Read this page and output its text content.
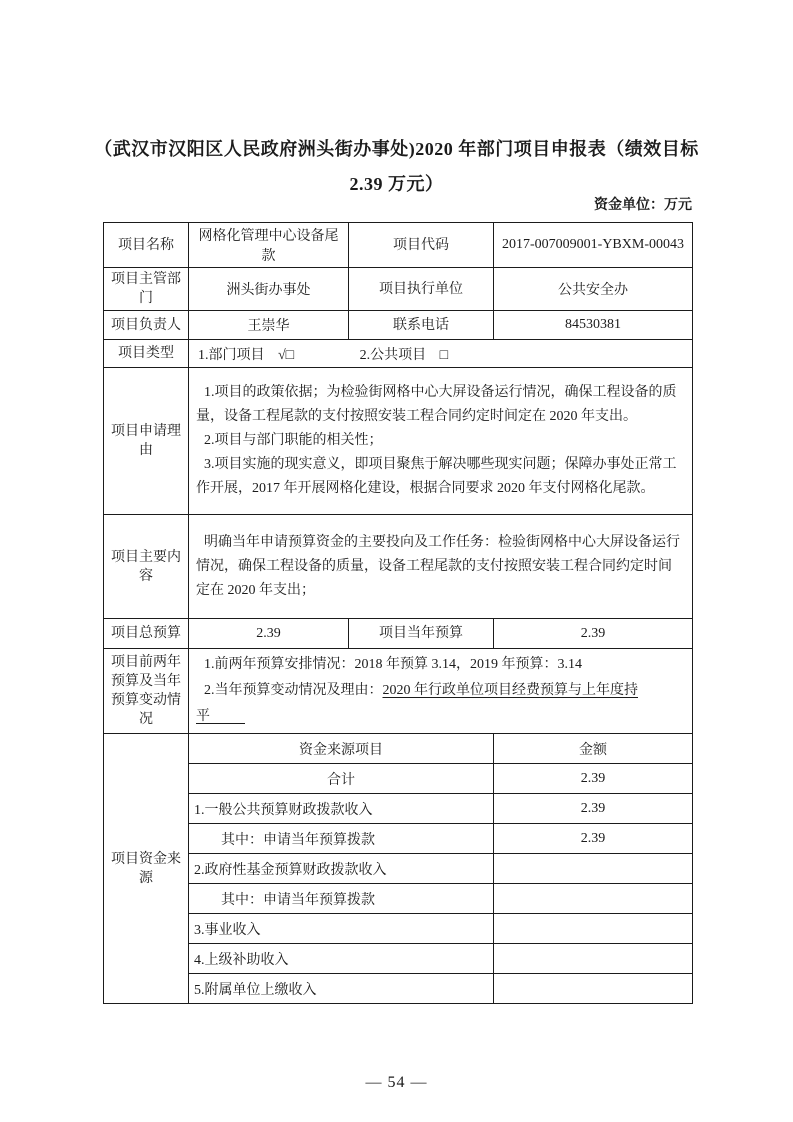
（武汉市汉阳区人民政府洲头街办事处)2020 年部门项目申报表（绩效目标 2.39 万元）
资金单位：万元
项目名称	网格化管理中心设备尾款	项目代码	2017-007009001-YBXM-00043
项目主管部门	洲头街办事处	项目执行单位	公共安全办
项目负责人	王崇华	联系电话	84530381
项目类型	1.部门项目 √□ 2.公共项目 □		
项目申请理由	1.项目的政策依据；为检验街网格中心大屏设备运行情况，确保工程设备的质量，设备工程尾款的支付按照安装工程合同约定时间定在 2020 年支出。
2.项目与部门职能的相关性；
3.项目实施的现实意义，即项目聚焦于解决哪些现实问题；保障办事处正常工作开展，2017 年开展网格化建设，根据合同要求 2020 年支付网格化尾款。		

项目主要内容	明确当年申请预算资金的主要投向及工作任务：检验街网格中心大屏设备运行情况，确保工程设备的质量，设备工程尾款的支付按照安装工程合同约定时间定在 2020 年支出；		

项目总预算	2.39	项目当年预算	2.39
项目前两年预算及当年预算变动情况	1.前两年预算安排情况：2018 年预算 3.14，2019 年预算：3.14
2.当年预算变动情况及理由：2020 年行政单位项目经费预算与上年度持平		

项目资金来源	资金来源项目		金额
	合计		2.39
	1.一般公共预算财政拨款收入		2.39
	其中：申请当年预算拨款		2.39
	2.政府性基金预算财政拨款收入		
	其中：申请当年预算拨款		
	3.事业收入		
	4.上级补助收入		
	5.附属单位上缴收入		
— 54 —
